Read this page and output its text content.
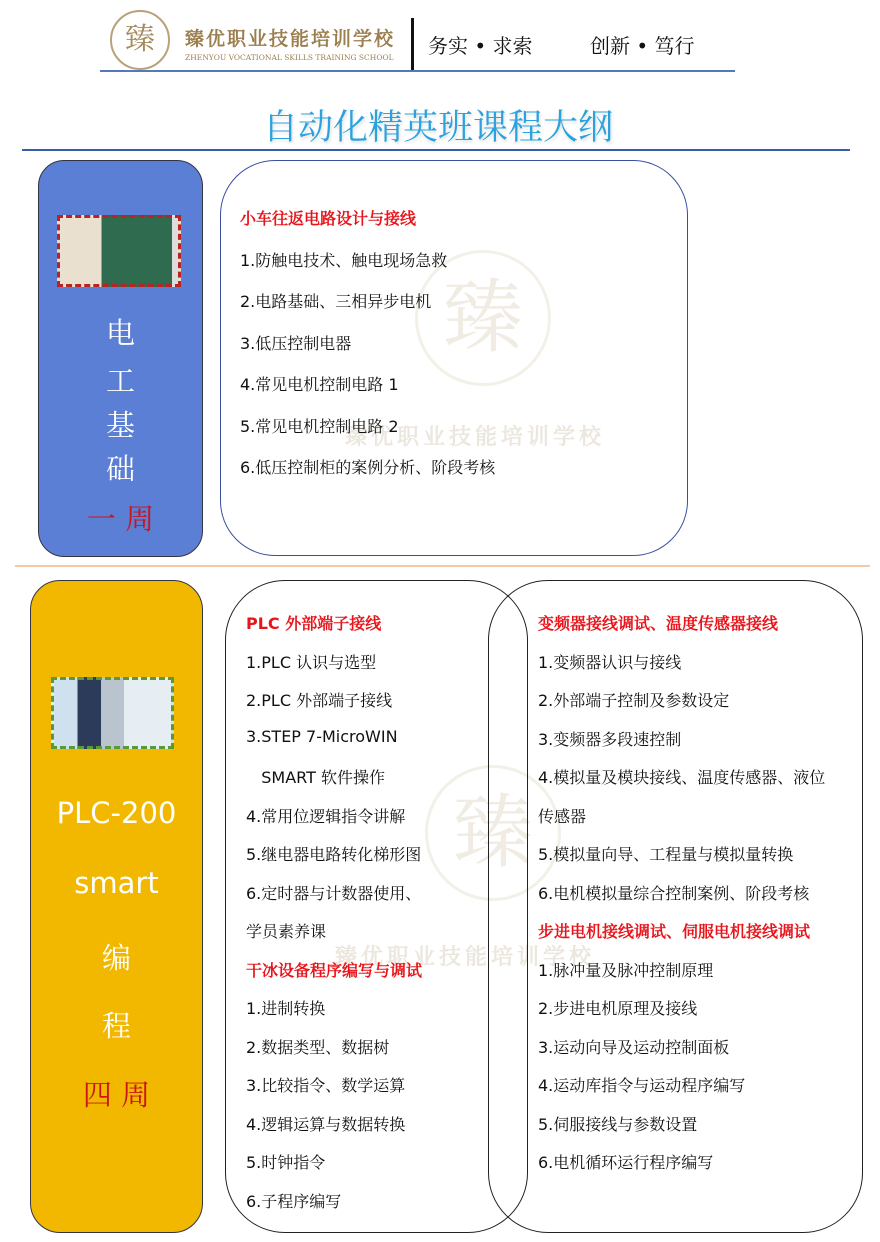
臻	臻优职业技能培训学校
ZHENYOU VOCATIONAL SKILLS TRAINING SCHOOL 务实 • 求索	创新 • 笃行
自动化精英班课程大纲
臻
臻优职业技能培训学校
臻
臻优职业技能培训学校
电
工
基
础
一 周
小车往返电路设计与接线
1.防触电技术、触电现场急救
2.电路基础、三相异步电机
3.低压控制电器
4.常见电机控制电路 1
5.常见电机控制电路 2
6.低压控制柜的案例分析、阶段考核
PLC-200
smart
编
程
四 周
PLC 外部端子接线
1.PLC 认识与选型
2.PLC 外部端子接线
3.STEP 7-MicroWIN
SMART 软件操作
4.常用位逻辑指令讲解
5.继电器电路转化梯形图
6.定时器与计数器使用、
学员素养课
干冰设备程序编写与调试
1.进制转换
2.数据类型、数据树
3.比较指令、数学运算
4.逻辑运算与数据转换
5.时钟指令
6.子程序编写
变频器接线调试、温度传感器接线
1.变频器认识与接线
2.外部端子控制及参数设定
3.变频器多段速控制
4.模拟量及模块接线、温度传感器、液位
传感器
5.模拟量向导、工程量与模拟量转换
6.电机模拟量综合控制案例、阶段考核
步进电机接线调试、伺服电机接线调试
1.脉冲量及脉冲控制原理
2.步进电机原理及接线
3.运动向导及运动控制面板
4.运动库指令与运动程序编写
5.伺服接线与参数设置
6.电机循环运行程序编写
